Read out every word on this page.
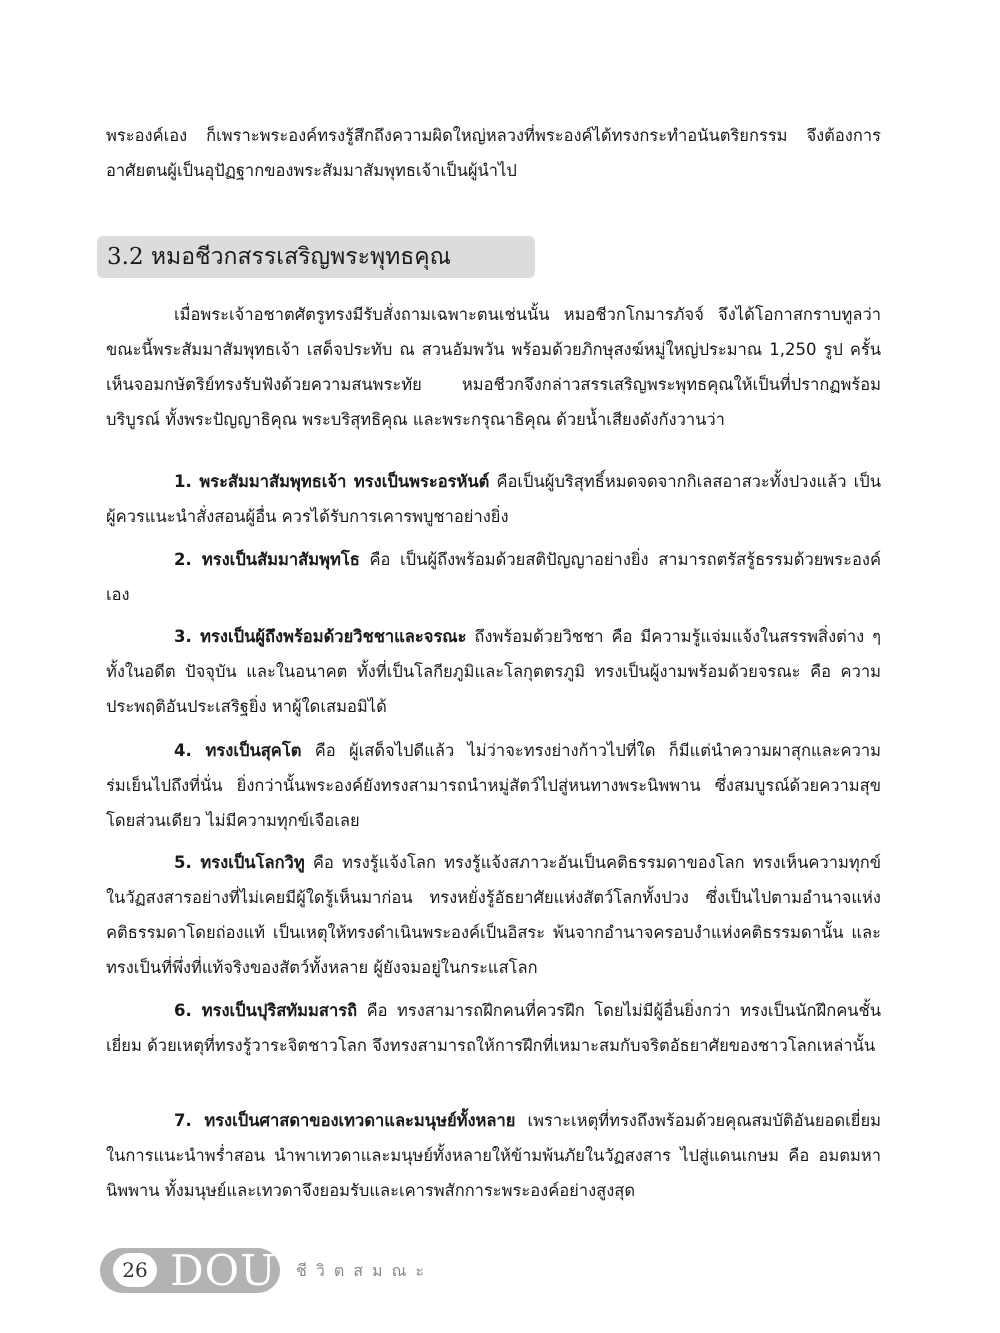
พระองค์เอง ก็เพราะพระองค์ทรงรู้สึกถึงความผิดใหญ่หลวงที่พระองค์ได้ทรงกระทำอนันตริยกรรม จึงต้องการอาศัยตนผู้เป็นอุปัฏฐากของพระสัมมาสัมพุทธเจ้าเป็นผู้นำไป

3.2 หมอชีวกสรรเสริญพระพุทธคุณ

เมื่อพระเจ้าอชาตศัตรูทรงมีรับสั่งถามเฉพาะตนเช่นนั้น หมอชีวกโกมารภัจจ์ จึงได้โอกาสกราบทูลว่า ขณะนี้พระสัมมาสัมพุทธเจ้า เสด็จประทับ ณ สวนอัมพวัน พร้อมด้วยภิกษุสงฆ์หมู่ใหญ่ประมาณ 1,250 รูป ครั้นเห็นจอมกษัตริย์ทรงรับฟังด้วยความสนพระทัย หมอชีวกจึงกล่าวสรรเสริญพระพุทธคุณให้เป็นที่ปรากฏพร้อมบริบูรณ์ ทั้งพระปัญญาธิคุณ พระบริสุทธิคุณ และพระกรุณาธิคุณ ด้วยน้ำเสียงดังกังวานว่า

1. พระสัมมาสัมพุทธเจ้า ทรงเป็นพระอรหันต์ คือเป็นผู้บริสุทธิ์หมดจดจากกิเลสอาสวะทั้งปวงแล้ว เป็นผู้ควรแนะนำสั่งสอนผู้อื่น ควรได้รับการเคารพบูชาอย่างยิ่ง

2. ทรงเป็นสัมมาสัมพุทโธ คือ เป็นผู้ถึงพร้อมด้วยสติปัญญาอย่างยิ่ง สามารถตรัสรู้ธรรมด้วยพระองค์เอง

3. ทรงเป็นผู้ถึงพร้อมด้วยวิชชาและจรณะ ถึงพร้อมด้วยวิชชา คือ มีความรู้แจ่มแจ้งในสรรพสิ่งต่าง ๆ ทั้งในอดีต ปัจจุบัน และในอนาคต ทั้งที่เป็นโลกียภูมิและโลกุตตรภูมิ ทรงเป็นผู้งามพร้อมด้วยจรณะ คือ ความประพฤติอันประเสริฐยิ่ง หาผู้ใดเสมอมิได้

4. ทรงเป็นสุคโต คือ ผู้เสด็จไปดีแล้ว ไม่ว่าจะทรงย่างก้าวไปที่ใด ก็มีแต่นำความผาสุกและความร่มเย็นไปถึงที่นั่น ยิ่งกว่านั้นพระองค์ยังทรงสามารถนำหมู่สัตว์ไปสู่หนทางพระนิพพาน ซึ่งสมบูรณ์ด้วยความสุขโดยส่วนเดียว ไม่มีความทุกข์เจือเลย

5. ทรงเป็นโลกวิทู คือ ทรงรู้แจ้งโลก ทรงรู้แจ้งสภาวะอันเป็นคติธรรมดาของโลก ทรงเห็นความทุกข์ในวัฏสงสารอย่างที่ไม่เคยมีผู้ใดรู้เห็นมาก่อน ทรงหยั่งรู้อัธยาศัยแห่งสัตว์โลกทั้งปวง ซึ่งเป็นไปตามอำนาจแห่งคติธรรมดาโดยถ่องแท้ เป็นเหตุให้ทรงดำเนินพระองค์เป็นอิสระ พ้นจากอำนาจครอบงำแห่งคติธรรมดานั้น และทรงเป็นที่พึ่งที่แท้จริงของสัตว์ทั้งหลาย ผู้ยังจมอยู่ในกระแสโลก

6. ทรงเป็นปุริสทัมมสารถิ คือ ทรงสามารถฝึกคนที่ควรฝึก โดยไม่มีผู้อื่นยิ่งกว่า ทรงเป็นนักฝึกคนชั้นเยี่ยม ด้วยเหตุที่ทรงรู้วาระจิตชาวโลก จึงทรงสามารถให้การฝึกที่เหมาะสมกับจริตอัธยาศัยของชาวโลกเหล่านั้น

7. ทรงเป็นศาสดาของเทวดาและมนุษย์ทั้งหลาย เพราะเหตุที่ทรงถึงพร้อมด้วยคุณสมบัติอันยอดเยี่ยม ในการแนะนำพร่ำสอน นำพาเทวดาและมนุษย์ทั้งหลายให้ข้ามพ้นภัยในวัฏสงสาร ไปสู่แดนเกษม คือ อมตมหานิพพาน ทั้งมนุษย์และเทวดาจึงยอมรับและเคารพสักการะพระองค์อย่างสูงสุด

26 DOU ชีวิตสมณะ
